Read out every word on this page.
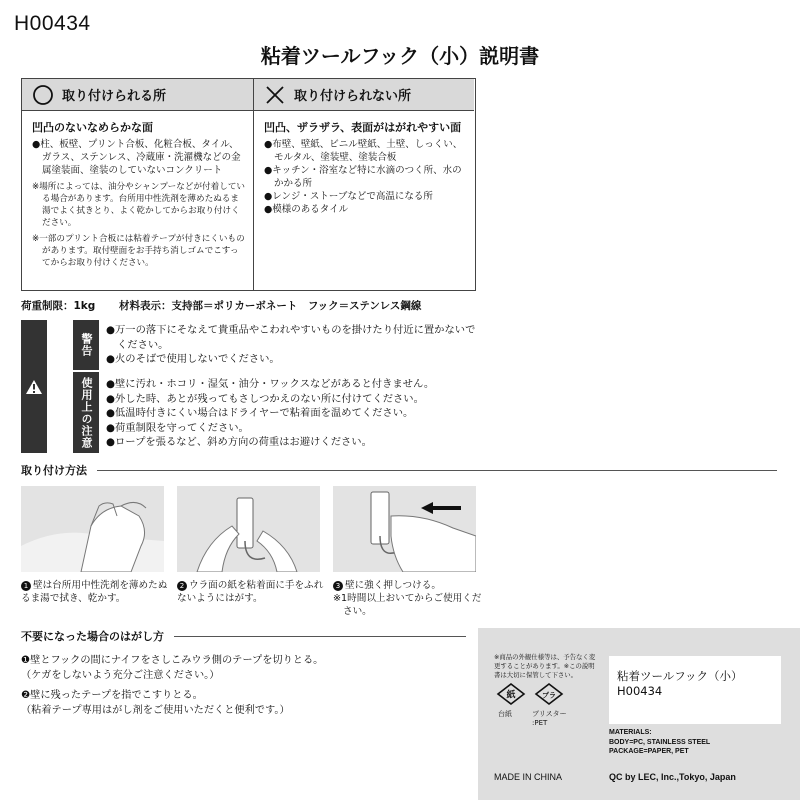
H00434
粘着ツールフック（小）説明書
取り付けられる所
凹凸のないなめらかな面
●柱、板壁、プリント合板、化粧合板、タイル、ガラス、ステンレス、冷蔵庫・洗濯機などの金属塗装面、塗装のしていないコンクリート
※場所によっては、油分やシャンプーなどが付着している場合があります。台所用中性洗剤を薄めたぬるま湯でよく拭きとり、よく乾かしてからお取り付けください。
※一部のプリント合板には粘着テープが付きにくいものがあります。取付壁面をお手持ち消しゴムでこすってからお取り付けください。
取り付けられない所
凹凸、ザラザラ、表面がはがれやすい面
●布壁、壁紙、ビニル壁紙、土壁、しっくい、モルタル、塗装壁、塗装合板
●キッチン・浴室など特に水滴のつく所、水のかかる所
●レンジ・ストーブなどで高温になる所
●模様のあるタイル
荷重制限：1kg 材料表示：支持部＝ポリカーボネート　フック＝ステンレス鋼線
警告
使用上の注意
●万一の落下にそなえて貴重品やこわれやすいものを掛けたり付近に置かないでください。
●火のそばで使用しないでください。
●壁に汚れ・ホコリ・湿気・油分・ワックスなどがあると付きません。
●外した時、あとが残ってもさしつかえのない所に付けてください。
●低温時付きにくい場合はドライヤーで粘着面を温めてください。
●荷重制限を守ってください。
●ロープを張るなど、斜め方向の荷重はお避けください。
取り付け方法
1 壁は台所用中性洗剤を薄めたぬるま湯で拭き、乾かす。
2 ウラ面の紙を粘着面に手をふれないようにはがす。
3 壁に強く押しつける。
※1時間以上おいてからご使用ください。
不要になった場合のはがし方
❶壁とフックの間にナイフをさしこみウラ側のテープを切りとる。
（ケガをしないよう充分ご注意ください。）
❷壁に残ったテープを指でこすりとる。
（粘着テープ専用はがし剤をご使用いただくと便利です。）
※商品の外観仕様等は、予告なく変更することがあります。※この説明書は大切に保管して下さい。
紙	プラ
台紙	ブリスター
:PET
MADE IN CHINA
粘着ツールフック（小） H00434
MATERIALS:
BODY=PC, STAINLESS STEEL
PACKAGE=PAPER, PET
QC by LEC, Inc.,Tokyo, Japan
